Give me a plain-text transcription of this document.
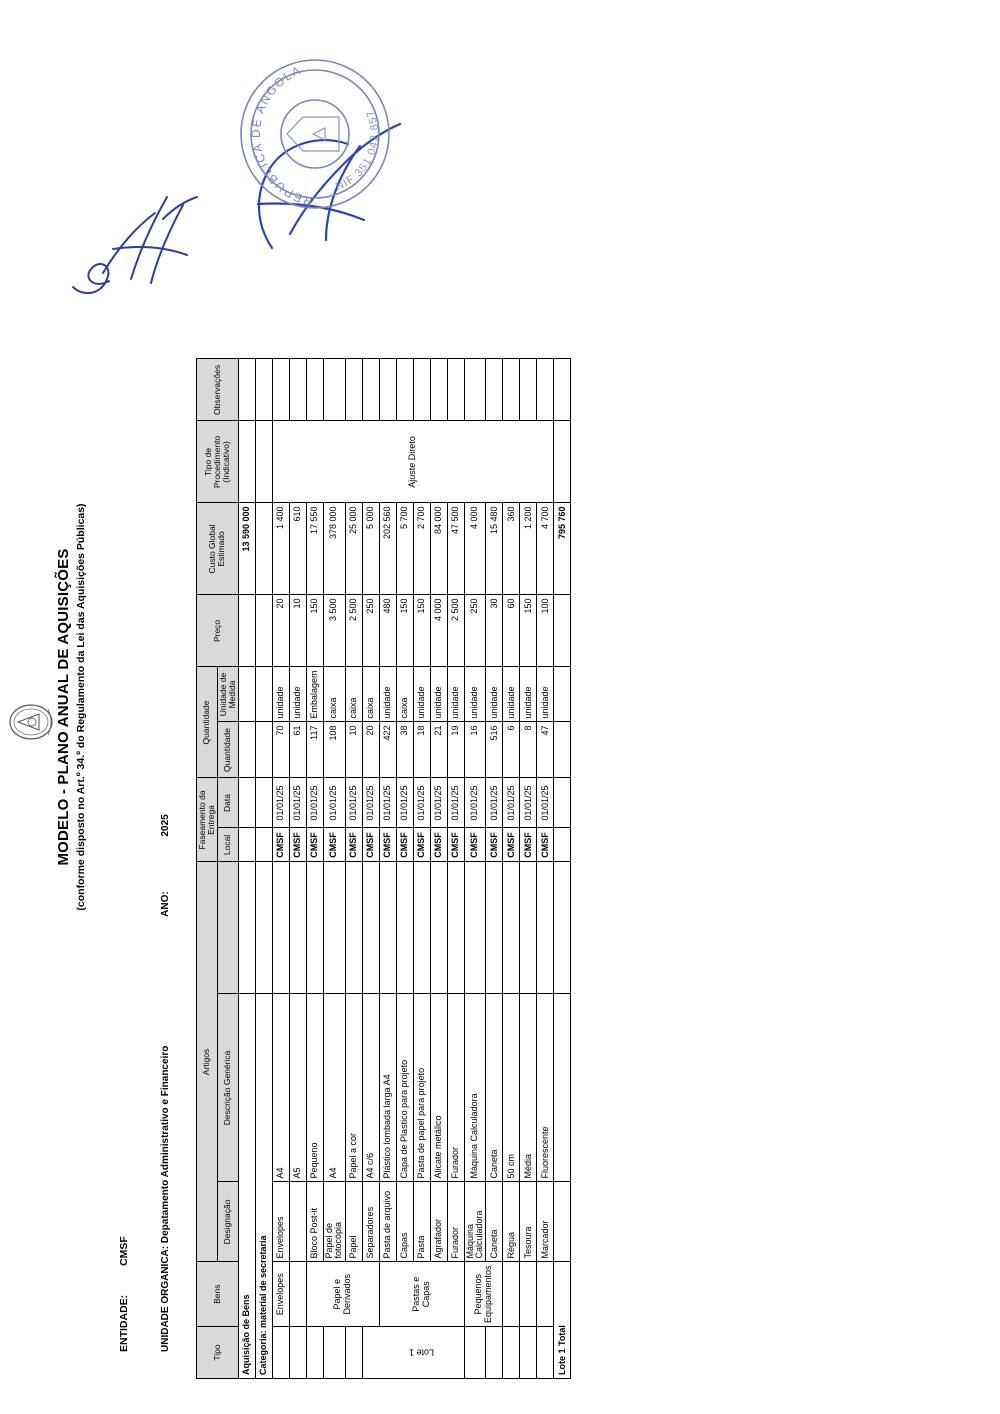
MODELO - PLANO ANUAL DE AQUISIÇÕES (conforme disposto no Art.º 34.º do Regulamento da Lei das Aquisições Públicas)
ENTIDADE: CMSF	UNIDADE ORGANICA: Depatamento Administrativo e Financeiro ANO: 2025
Tipo	Bens	Artigos			Faseamento da Entrega		Quantidade		Preço	Custo Global Estimado	Tipo de Procedimento (Indicativo)	Observações
		Designação	Descrição Genérica		Local	Data	Quantidade	Unidade de Medida				
Aquisição de Bens										13 590 000		
Categoria: material de secretaria												
	Envelopes	Envelopes	A4		CMSF	01/01/25	70	unidade	20	1 400	Ajuste Direto	
			A5		CMSF	01/01/25	61	unidade	10	610		
	Papel e Derivados	Bloco Post-it	Pequeno		CMSF	01/01/25	117	Embalagem	150	17 550		
		Papel de fotocópia	A4		CMSF	01/01/25	108	caixa	3 500	378 000		
		Papel	Papel a cor		CMSF	01/01/25	10	caixa	2 500	25 000		
		Separadores	A4 c/6		CMSF	01/01/25	20	caixa	250	5 000		
Lote 1	Pastas e Capas	Pasta de arquivo	Plástico lombada larga A4		CMSF	01/01/25	422	unidade	480	202 560		
		Capas	Capa de Plastico para projeto		CMSF	01/01/25	38	caixa	150	5 700		
		Pasta	Pasta de papel para projeto		CMSF	01/01/25	18	unidade	150	2 700		
		Agrafador	Alicate metálico		CMSF	01/01/25	21	unidade	4 000	84 000		
		Furador	Furador		CMSF	01/01/25	19	unidade	2 500	47 500		
	Pequenos Equipamentos	Máquina Calculadora	Máquina Calculadora		CMSF	01/01/25	16	unidade	250	4 000		
		Caneta	Caneta		CMSF	01/01/25	516	unidade	30	15 480		
		Régua	50 cm		CMSF	01/01/25	6	unidade	60	360		
		Tesoura	Média		CMSF	01/01/25	8	unidade	150	1 200		
		Marcador	Fluorescente		CMSF	01/01/25	47	unidade	100	4 700		
Lote 1 Total										795 760		
REPUBLICA DE ANGOLA
NIF 351 042 857
